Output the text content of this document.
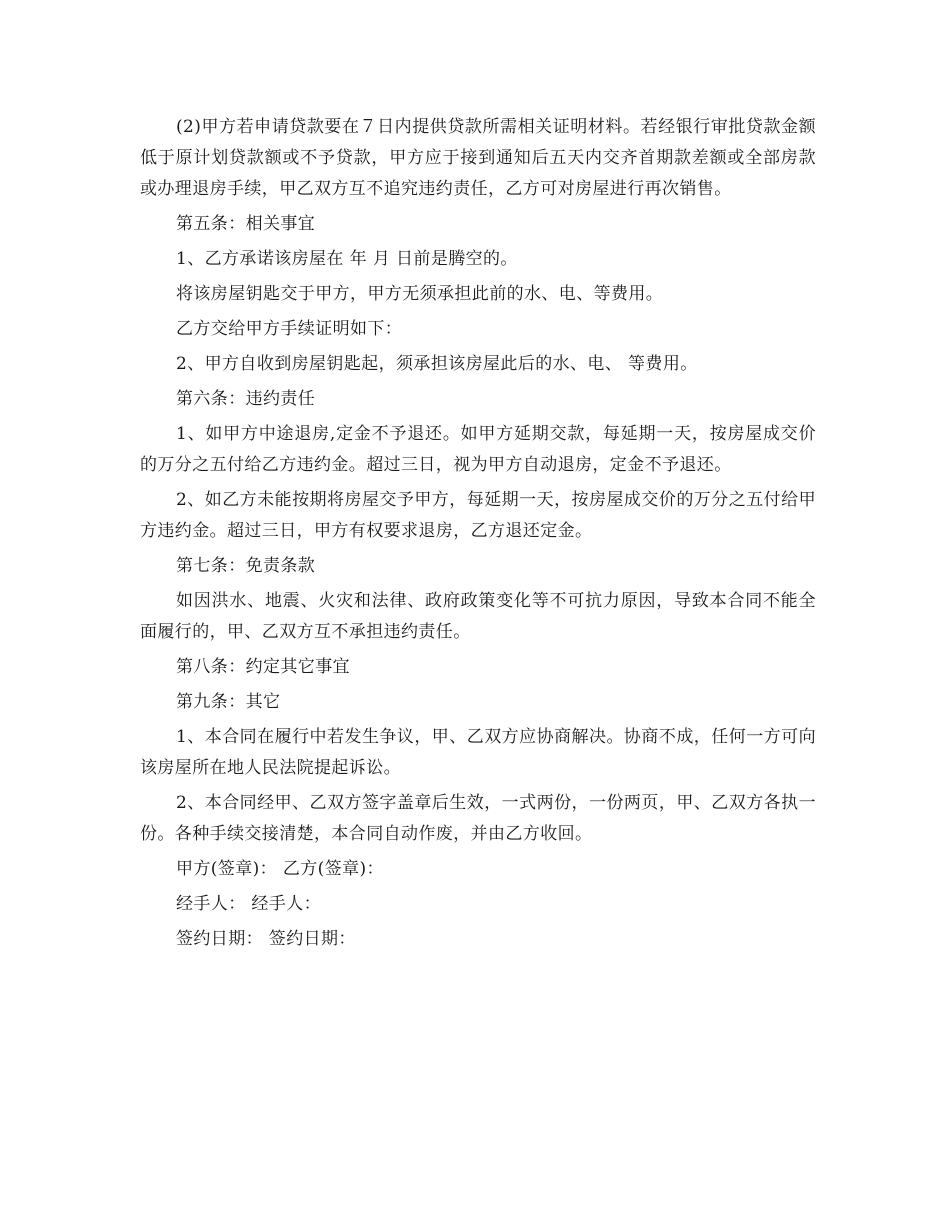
(2)甲方若申请贷款要在７日内提供贷款所需相关证明材料。若经银行审批贷款金额低于原计划贷款额或不予贷款，甲方应于接到通知后五天内交齐首期款差额或全部房款或办理退房手续，甲乙双方互不追究违约责任，乙方可对房屋进行再次销售。

第五条：相关事宜

1、乙方承诺该房屋在 年 月 日前是腾空的。

将该房屋钥匙交于甲方，甲方无须承担此前的水、电、等费用。

乙方交给甲方手续证明如下：

2、甲方自收到房屋钥匙起，须承担该房屋此后的水、电、 等费用。

第六条：违约责任

1、如甲方中途退房,定金不予退还。如甲方延期交款，每延期一天，按房屋成交价的万分之五付给乙方违约金。超过三日，视为甲方自动退房，定金不予退还。

2、如乙方未能按期将房屋交予甲方，每延期一天，按房屋成交价的万分之五付给甲方违约金。超过三日，甲方有权要求退房，乙方退还定金。

第七条：免责条款

如因洪水、地震、火灾和法律、政府政策变化等不可抗力原因，导致本合同不能全面履行的，甲、乙双方互不承担违约责任。

第八条：约定其它事宜

第九条：其它

1、本合同在履行中若发生争议，甲、乙双方应协商解决。协商不成，任何一方可向该房屋所在地人民法院提起诉讼。

2、本合同经甲、乙双方签字盖章后生效，一式两份，一份两页，甲、乙双方各执一份。各种手续交接清楚，本合同自动作废，并由乙方收回。

甲方(签章)： 乙方(签章)：

经手人： 经手人：

签约日期： 签约日期：
